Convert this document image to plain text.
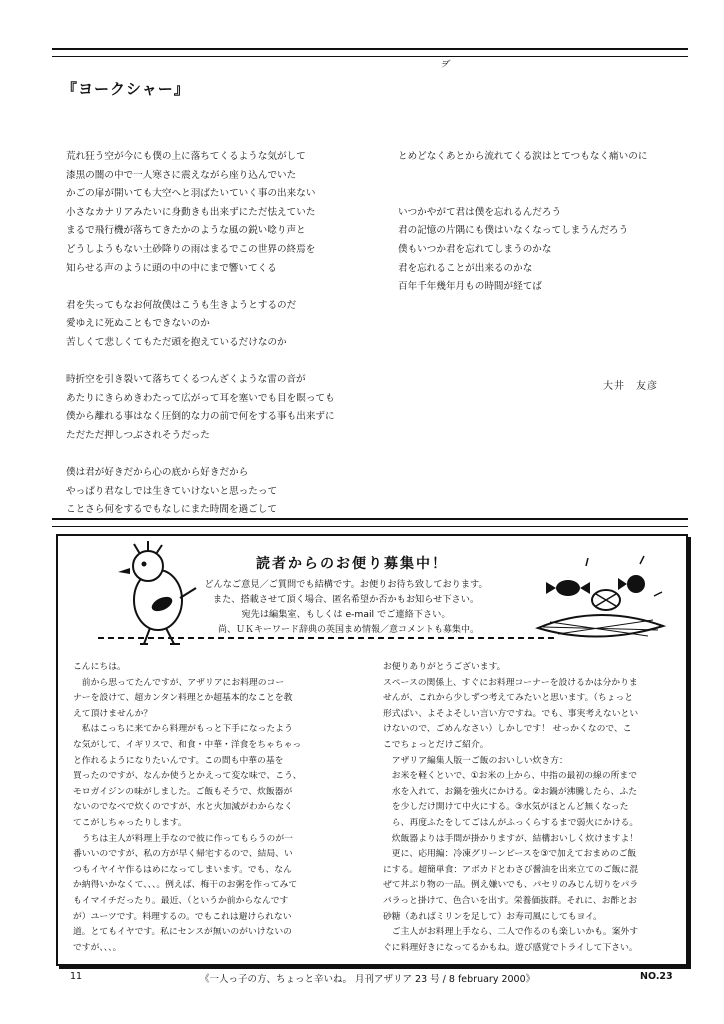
ヺ
『ヨークシャー』
荒れ狂う空が今にも僕の上に落ちてくるような気がして
漆黒の闇の中で一人寒さに震えながら座り込んでいた
かごの扉が開いても大空へと羽ばたいていく事の出来ない
小さなカナリアみたいに身動きも出来ずにただ怯えていた
まるで飛行機が落ちてきたかのような風の鋭い唸り声と
どうしようもない土砂降りの雨はまるでこの世界の終焉を
知らせる声のように頭の中の中にまで響いてくる
君を失ってもなお何故僕はこうも生きようとするのだ
愛ゆえに死ぬこともできないのか
苦しくて悲しくてもただ頭を抱えているだけなのか
時折空を引き裂いて落ちてくるつんざくような雷の音が
あたりにきらめきわたって広がって耳を塞いでも目を瞑っても
僕から離れる事はなく圧倒的な力の前で何をする事も出来ずに
ただただ押しつぶされそうだった
僕は君が好きだから心の底から好きだから
やっぱり君なしでは生きていけないと思ったって
ことさら何をするでもなしにまた時間を過ごして
とめどなくあとから流れてくる涙はとてつもなく痛いのに
いつかやがて君は僕を忘れるんだろう
君の記憶の片隅にも僕はいなくなってしまうんだろう
僕もいつか君を忘れてしまうのかな
君を忘れることが出来るのかな
百年千年幾年月もの時間が経てば
大井　友彦
読者からのお便り募集中！
どんなご意見／ご質問でも結構です。お便りお待ち致しております。
また、搭載させて頂く場合、匿名希望か否かもお知らせ下さい。
宛先は編集室、もしくは e-mail でご連絡下さい。
尚、ＵＫキーワード辞典の英国まめ情報／意コメントも募集中。
こんにちは。
　前から思ってたんですが、アザリアにお料理のコー
ナーを設けて、超カンタン料理とか超基本的なことを教
えて頂けませんか？
　私はこっちに来てから料理がもっと下手になったよう
な気がして、イギリスで、和食・中華・洋食をちゃちゃっ
と作れるようになりたいんです。この間も中華の基を
買ったのですが、なんか使うとかえって変な味で、こう、
モロガイジンの味がしました。ご飯もそうで、炊飯器が
ないのでなべで炊くのですが、水と火加減がわからなく
てこがしちゃったりします。
　うちは主人が料理上手なので彼に作ってもらうのが一
番いいのですが、私の方が早く帰宅するので、結局、い
つもイヤイヤ作るはめになってしまいます。でも、なん
か納得いかなくて、、、。例えば、梅干のお粥を作ってみて
もイマイチだったり。最近、（というか前からなんです
が）ユーツです。料理するの。でもこれは避けられない
道。とてもイヤです。私にセンスが無いのがいけないの
ですが、、、。
お便りありがとうございます。
スペースの関係上、すぐにお料理コーナーを設けるかは分かりま
せんが、これから少しずつ考えてみたいと思います。（ちょっと
形式ばい、よそよそしい言い方ですね。でも、事実考えないとい
けないので、ごめんなさい）しかしです！ せっかくなので、こ
こでちょっとだけご紹介。
　アザリア編集人版一ご飯のおいしい炊き方：
　お米を軽くといで、①お米の上から、中指の最初の線の所まで
　水を入れて、お鍋を強火にかける。②お鍋が沸騰したら、ふた
　を少しだけ開けて中火にする。③水気がほとんど無くなった
　ら、再度ふたをしてごはんがふっくらするまで弱火にかける。
　炊飯器よりは手間が掛かりますが、結構おいしく炊けますよ！
　更に、応用編：冷凍グリーンピースを③で加えておまめのご飯
にする。超簡単食：アボカドとわさび醤油を出来立てのご飯に混
ぜて丼ぶり物の一品。例え嫌いでも、パセリのみじん切りをパラ
パラっと掛けて、色合いを出す。栄養価抜群。それに、お酢とお
砂糖（あればミリンを足して）お寿司風にしてもヨイ。
　ご主人がお料理上手なら、二人で作るのも楽しいかも。案外す
ぐに料理好きになってるかもね。遊び感覚でトライして下さい。
11	《一人っ子の方、ちょっと辛いね。 月刊アザリア 23 号 / 8 february 2000》	NO.23
